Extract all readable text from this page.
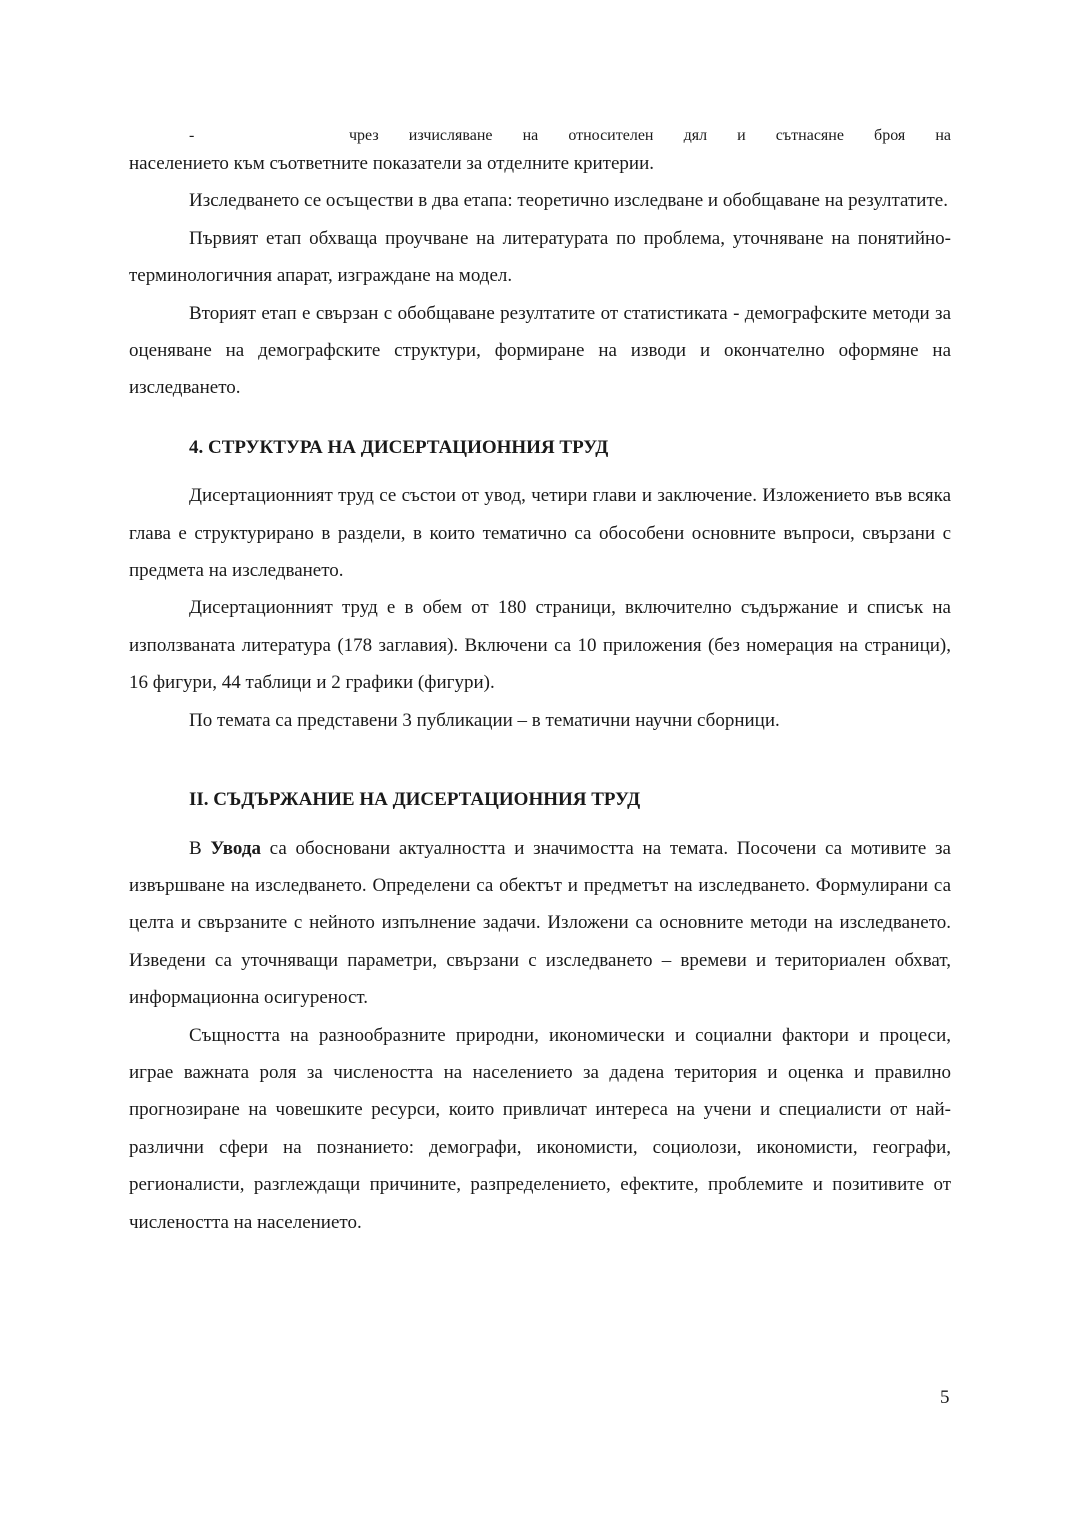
-	чрез изчисляване на относителен дял и сътнасяне броя на

населението към съответните показатели за отделните критерии.

Изследването се осъществи в два етапа: теоретично изследване и обобщаване на резултатите.

Първият етап обхваща проучване на литературата по проблема, уточняване на понятийно-терминологичния апарат, изграждане на модел.

Вторият етап е свързан с обобщаване резултатите от статистиката - демографските методи за оценяване на демографските структури, формиране на изводи и окончателно оформяне на изследването.

4. СТРУКТУРА НА ДИСЕРТАЦИОННИЯ ТРУД

Дисертационният труд се състои от увод, четири глави и заключение. Изложението във всяка глава е структурирано в раздели, в които тематично са обособени основните въпроси, свързани с предмета на изследването.

Дисертационният труд е в обем от 180 страници, включително съдържание и списък на използваната литература (178 заглавия). Включени са 10 приложения (без номерация на страници), 16 фигури, 44 таблици и 2 графики (фигури).

По темата са представени 3 публикации – в тематични научни сборници.

II. СЪДЪРЖАНИЕ НА ДИСЕРТАЦИОННИЯ ТРУД

В Увода са обосновани актуалността и значимостта на темата. Посочени са мотивите за извършване на изследването. Определени са обектът и предметът на изследването. Формулирани са целта и свързаните с нейното изпълнение задачи. Изложени са основните методи на изследването. Изведени са уточняващи параметри, свързани с изследването – времеви и териториален обхват, информационна осигуреност.

Същността на разнообразните природни, икономически и социални фактори и процеси, играе важната роля за числеността на населението за дадена територия и оценка и правилно прогнозиране на човешките ресурси, които привличат интереса на учени и специалисти от най-различни сфери на познанието: демографи, икономисти, социолози, икономисти, географи, регионалисти, разглеждащи причините, разпределението, ефектите, проблемите и позитивите от числеността на населението.

5
